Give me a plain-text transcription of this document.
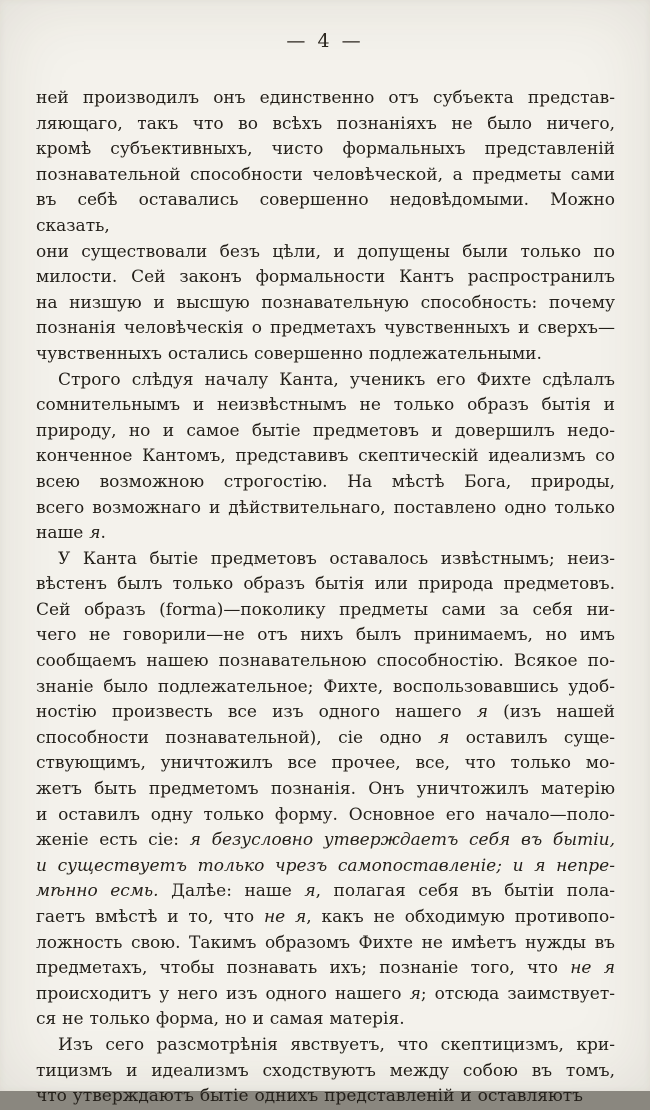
— 4 —
ней производилъ онъ единственно отъ субъекта представ-
ляющаго, такъ что во всѣхъ познаніяхъ не было ничего,
кромѣ субъективныхъ, чисто формальныхъ представленій
познавательной способности человѣческой, а предметы сами
въ себѣ оставались совершенно недовѣдомыми. Можно сказать,
они существовали безъ цѣли, и допущены были только по
милости. Сей законъ формальности Кантъ распространилъ
на низшую и высшую познавательную способность: почему
познанія человѣческія о предметахъ чувственныхъ и сверхъ—
чувственныхъ остались совершенно подлежательными.
Строго слѣдуя началу Канта, ученикъ его Фихте сдѣлалъ
сомнительнымъ и неизвѣстнымъ не только образъ бытія и
природу, но и самое бытіе предметовъ и довершилъ недо-
конченное Кантомъ, представивъ скептическій идеализмъ со
всею возможною строгостію. На мѣстѣ Бога, природы,
всего возможнаго и дѣйствительнаго, поставлено одно только
наше я.
У Канта бытіе предметовъ оставалось извѣстнымъ; неиз-
вѣстенъ былъ только образъ бытія или природа предметовъ.
Сей образъ (forma)—поколику предметы сами за себя ни-
чего не говорили—не отъ нихъ былъ принимаемъ, но имъ
сообщаемъ нашею познавательною способностію. Всякое по-
знаніе было подлежательное; Фихте, воспользовавшись удоб-
ностію произвесть все изъ одного нашего я (изъ нашей
способности познавательной), сіе одно я оставилъ суще-
ствующимъ, уничтожилъ все прочее, все, что только мо-
жетъ быть предметомъ познанія. Онъ уничтожилъ матерію
и оставилъ одну только форму. Основное его начало—поло-
женіе есть сіе: я безусловно утверждаетъ себя въ бытіи,
и существуетъ только чрезъ самопоставленіе; и я непре-
мѣнно есмь. Далѣе: наше я, полагая себя въ бытіи пола-
гаетъ вмѣстѣ и то, что не я, какъ не обходимую противопо-
ложность свою. Такимъ образомъ Фихте не имѣетъ нужды въ
предметахъ, чтобы познавать ихъ; познаніе того, что не я
происходитъ у него изъ одного нашего я; отсюда заимствует-
ся не только форма, но и самая матерія.
Изъ сего разсмотрѣнія явствуетъ, что скептицизмъ, кри-
тицизмъ и идеализмъ сходствуютъ между собою въ томъ,
что утверждаютъ бытіе однихъ представленій и оставляютъ
